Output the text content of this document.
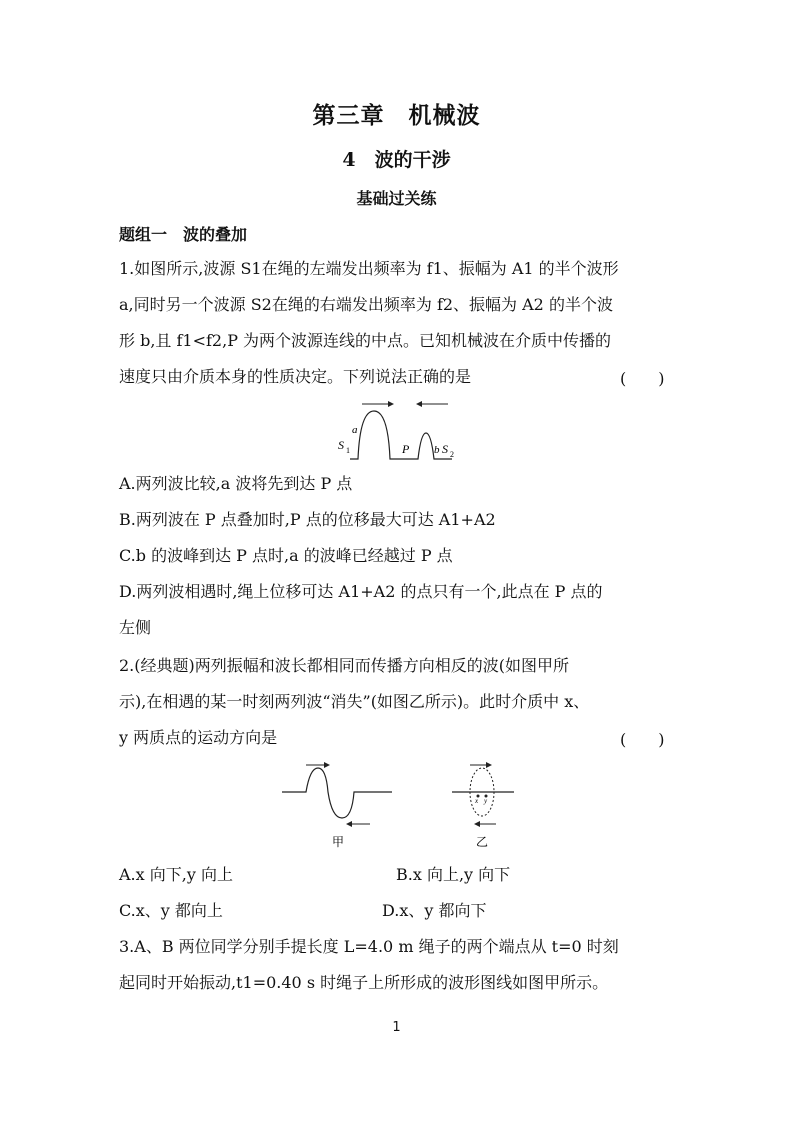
第三章　机械波
4　波的干涉
基础过关练
题组一　波的叠加
1.如图所示,波源 S1在绳的左端发出频率为 f1、振幅为 A1 的半个波形
a,同时另一个波源 S2在绳的右端发出频率为 f2、振幅为 A2 的半个波
形 b,且 f1<f2,P 为两个波源连线的中点。已知机械波在介质中传播的
速度只由介质本身的性质决定。下列说法正确的是	(　　)
S 1
a
P b S 2
A.两列波比较,a 波将先到达 P 点
B.两列波在 P 点叠加时,P 点的位移最大可达 A1+A2
C.b 的波峰到达 P 点时,a 的波峰已经越过 P 点
D.两列波相遇时,绳上位移可达 A1+A2 的点只有一个,此点在 P 点的
左侧
2.(经典题)两列振幅和波长都相同而传播方向相反的波(如图甲所
示),在相遇的某一时刻两列波“消失”(如图乙所示)。此时介质中 x、
y 两质点的运动方向是	(　　)
甲
x y
乙
A.x 向下,y 向上	B.x 向上,y 向下
C.x、y 都向上	D.x、y 都向下
3.A、B 两位同学分别手提长度 L=4.0 m 绳子的两个端点从 t=0 时刻
起同时开始振动,t1=0.40 s 时绳子上所形成的波形图线如图甲所示。
1
